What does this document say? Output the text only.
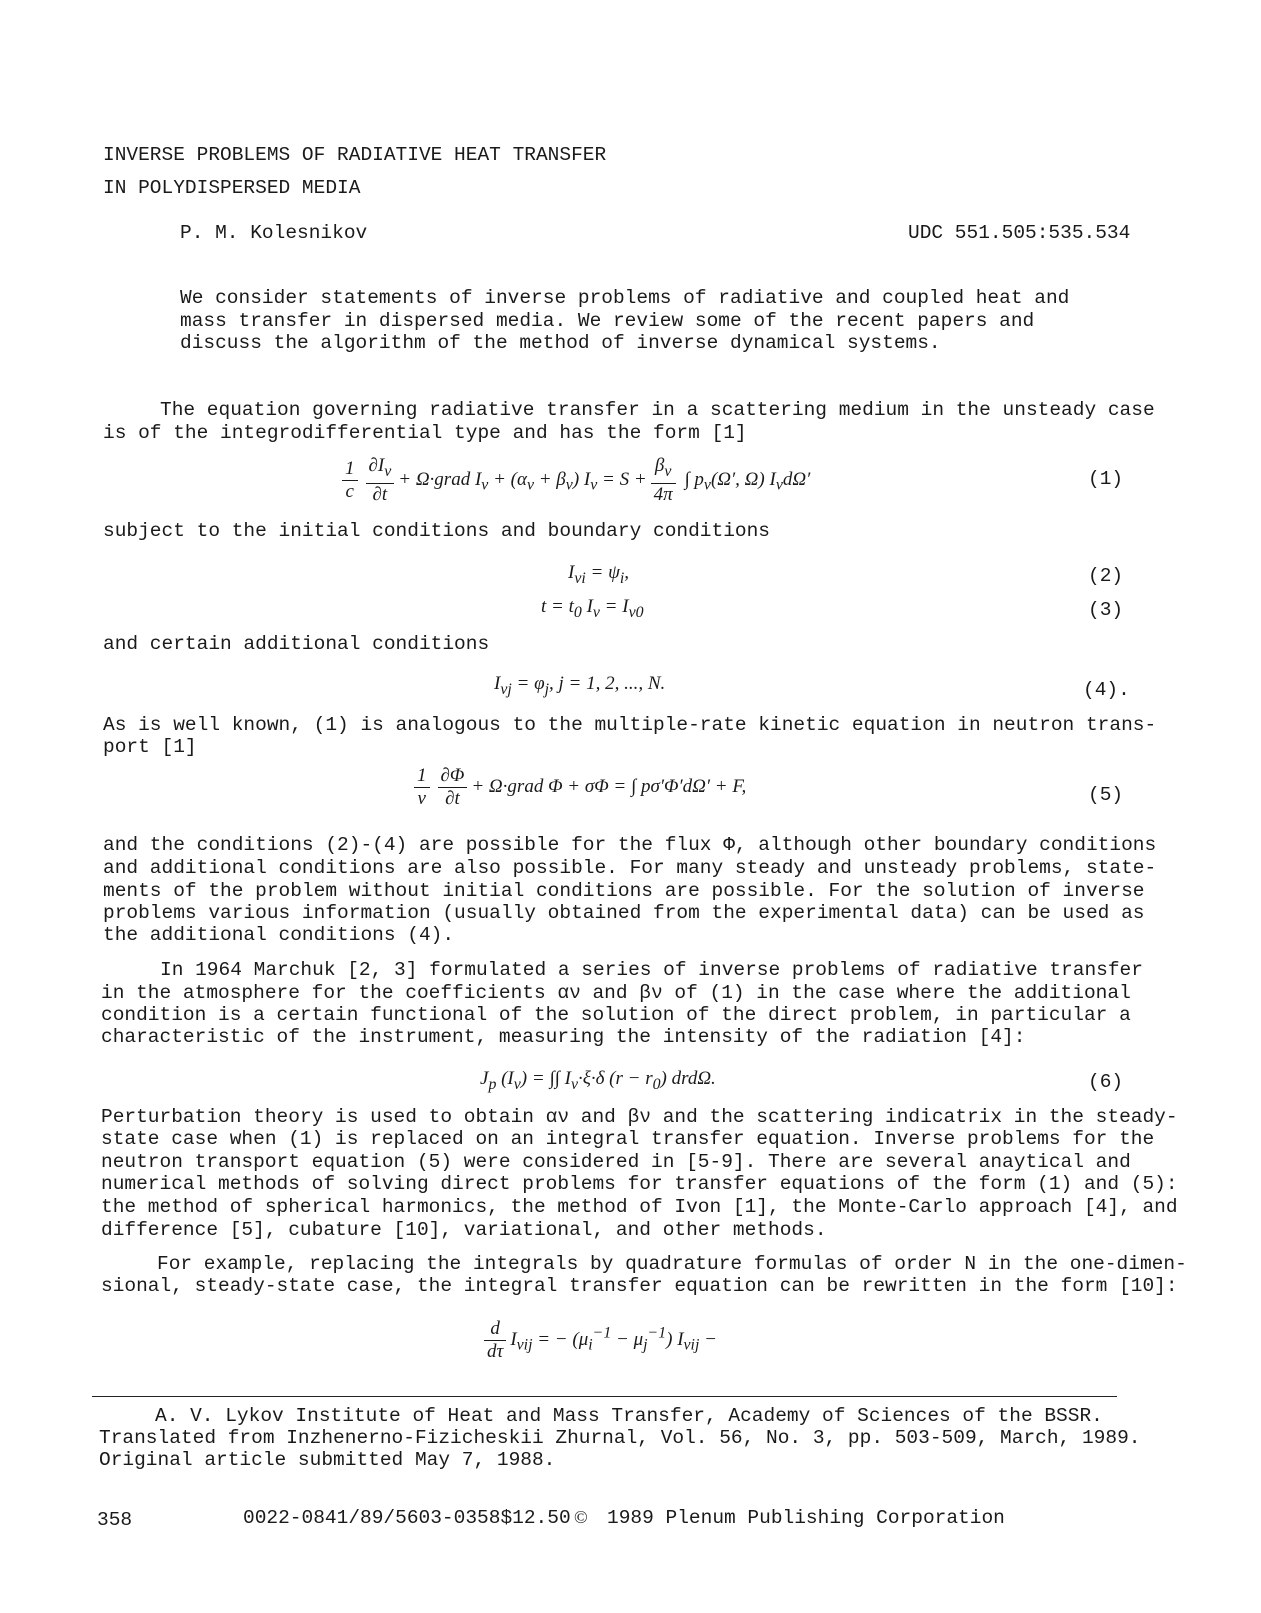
INVERSE PROBLEMS OF RADIATIVE HEAT TRANSFER
IN POLYDISPERSED MEDIA
P. M. Kolesnikov	UDC 551.505:535.534
We consider statements of inverse problems of radiative and coupled heat and
mass transfer in dispersed media. We review some of the recent papers and
discuss the algorithm of the method of inverse dynamical systems.
The equation governing radiative transfer in a scattering medium in the unsteady case
is of the integrodifferential type and has the form [1]
$\frac{1}{c} \frac{\partial I_\nu}{\partial t}$ + Ω·grad $I_\nu + (\alpha_\nu + \beta_\nu) I_\nu = S + \frac{\beta_\nu}{4\pi}$ ∫ $p_\nu(\Omega'$, Ω) $I_\nu d\Omega'$	(1)
subject to the initial conditions and boundary conditions
$I_{\nu i} = \psi_i$,	(2)
$t = t_0$ $I_\nu = I_{\nu 0}$	(3)
and certain additional conditions
$I_{\nu j} = \varphi_j$, j = 1, 2, ..., N.	(4).
As is well known, (1) is analogous to the multiple-rate kinetic equation in neutron trans-
port [1]
$\frac{1}{v} \frac{\partial\Phi}{\partial t}$ + Ω·grad Φ + σΦ = ∫ pσ′Φ′dΩ′ + F,	(5)
and the conditions (2)-(4) are possible for the flux Φ, although other boundary conditions
and additional conditions are also possible. For many steady and unsteady problems, state-
ments of the problem without initial conditions are possible. For the solution of inverse
problems various information (usually obtained from the experimental data) can be used as
the additional conditions (4).
In 1964 Marchuk [2, 3] formulated a series of inverse problems of radiative transfer
in the atmosphere for the coefficients αν and βν of (1) in the case where the additional
condition is a certain functional of the solution of the direct problem, in particular a
characteristic of the instrument, measuring the intensity of the radiation [4]:
$J_p$ $(I_\nu)$ = ∫∫ $I_\nu\cdot\xi\cdot\delta$ $(r - r_0)$ drdΩ.	(6)
Perturbation theory is used to obtain αν and βν and the scattering indicatrix in the steady-
state case when (1) is replaced on an integral transfer equation. Inverse problems for the
neutron transport equation (5) were considered in [5-9]. There are several anaytical and
numerical methods of solving direct problems for transfer equations of the form (1) and (5):
the method of spherical harmonics, the method of Ivon [1], the Monte-Carlo approach [4], and
difference [5], cubature [10], variational, and other methods.
For example, replacing the integrals by quadrature formulas of order N in the one-dimen-
sional, steady-state case, the integral transfer equation can be rewritten in the form [10]:
$\frac{d}{d\tau} I_{\nu ij}$ = − $(\mu_i^{-1} - \mu_j^{-1}) I_{\nu ij}$ −
A. V. Lykov Institute of Heat and Mass Transfer, Academy of Sciences of the BSSR.
Translated from Inzhenerno-Fizicheskii Zhurnal, Vol. 56, No. 3, pp. 503-509, March, 1989.
Original article submitted May 7, 1988.
358	0022-0841/89/5603-0358$12.50 © 1989 Plenum Publishing Corporation
